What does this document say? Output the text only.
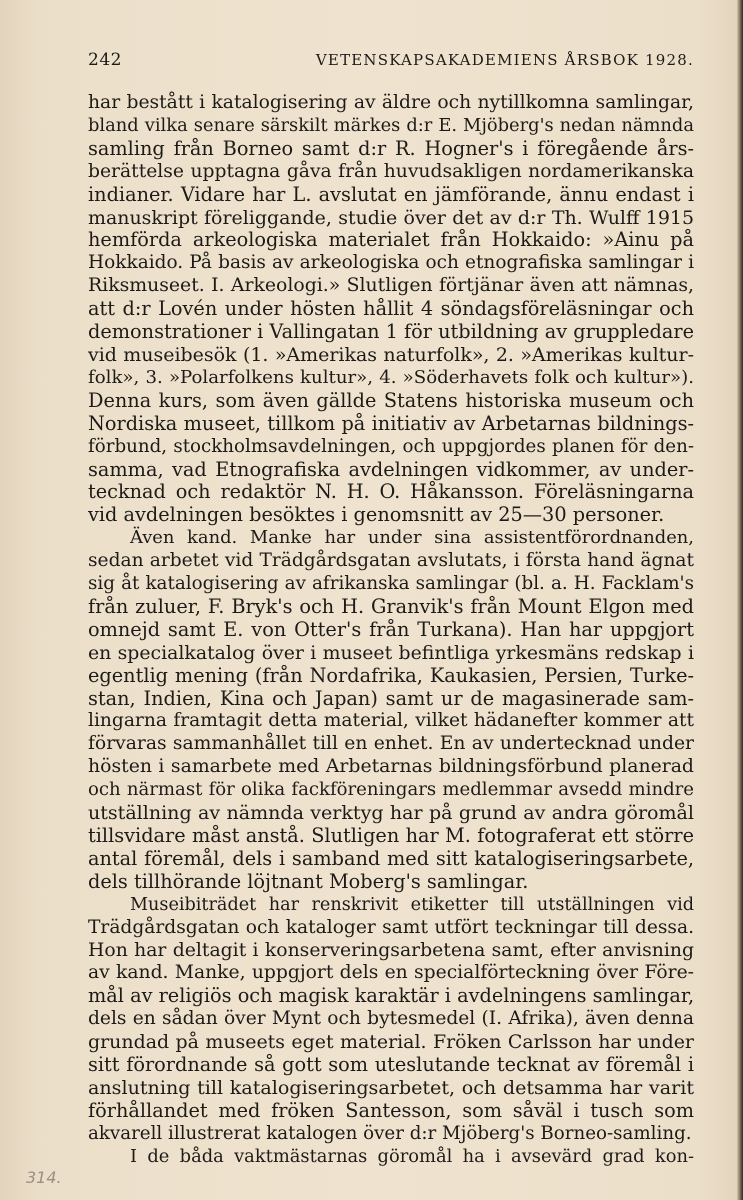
242	VETENSKAPSAKADEMIENS ÅRSBOK 1928.
har bestått i katalogisering av äldre och nytillkomna samlingar,
bland vilka senare särskilt märkes d:r E. Mjöberg's nedan nämnda
samling från Borneo samt d:r R. Hogner's i föregående års-
berättelse upptagna gåva från huvudsakligen nordamerikanska
indianer. Vidare har L. avslutat en jämförande, ännu endast i
manuskript föreliggande, studie över det av d:r Th. Wulff 1915
hemförda arkeologiska materialet från Hokkaido: »Ainu på
Hokkaido. På basis av arkeologiska och etnografiska samlingar i
Riksmuseet. I. Arkeologi.» Slutligen förtjänar även att nämnas,
att d:r Lovén under hösten hållit 4 söndagsföreläsningar och
demonstrationer i Vallingatan 1 för utbildning av gruppledare
vid museibesök (1. »Amerikas naturfolk», 2. »Amerikas kultur-
folk», 3. »Polarfolkens kultur», 4. »Söderhavets folk och kultur»).
Denna kurs, som även gällde Statens historiska museum och
Nordiska museet, tillkom på initiativ av Arbetarnas bildnings-
förbund, stockholmsavdelningen, och uppgjordes planen för den-
samma, vad Etnografiska avdelningen vidkommer, av under-
tecknad och redaktör N. H. O. Håkansson. Föreläsningarna
vid avdelningen besöktes i genomsnitt av 25—30 personer.
Även kand. Manke har under sina assistentförordnanden,
sedan arbetet vid Trädgårdsgatan avslutats, i första hand ägnat
sig åt katalogisering av afrikanska samlingar (bl. a. H. Facklam's
från zuluer, F. Bryk's och H. Granvik's från Mount Elgon med
omnejd samt E. von Otter's från Turkana). Han har uppgjort
en specialkatalog över i museet befintliga yrkesmäns redskap i
egentlig mening (från Nordafrika, Kaukasien, Persien, Turke-
stan, Indien, Kina och Japan) samt ur de magasinerade sam-
lingarna framtagit detta material, vilket hädanefter kommer att
förvaras sammanhållet till en enhet. En av undertecknad under
hösten i samarbete med Arbetarnas bildningsförbund planerad
och närmast för olika fackföreningars medlemmar avsedd mindre
utställning av nämnda verktyg har på grund av andra göromål
tillsvidare måst anstå. Slutligen har M. fotograferat ett större
antal föremål, dels i samband med sitt katalogiseringsarbete,
dels tillhörande löjtnant Moberg's samlingar.
Museibiträdet har renskrivit etiketter till utställningen vid
Trädgårdsgatan och kataloger samt utfört teckningar till dessa.
Hon har deltagit i konserveringsarbetena samt, efter anvisning
av kand. Manke, uppgjort dels en specialförteckning över Före-
mål av religiös och magisk karaktär i avdelningens samlingar,
dels en sådan över Mynt och bytesmedel (I. Afrika), även denna
grundad på museets eget material. Fröken Carlsson har under
sitt förordnande så gott som uteslutande tecknat av föremål i
anslutning till katalogiseringsarbetet, och detsamma har varit
förhållandet med fröken Santesson, som såväl i tusch som
akvarell illustrerat katalogen över d:r Mjöberg's Borneo-samling.
I de båda vaktmästarnas göromål ha i avsevärd grad kon-
314.
